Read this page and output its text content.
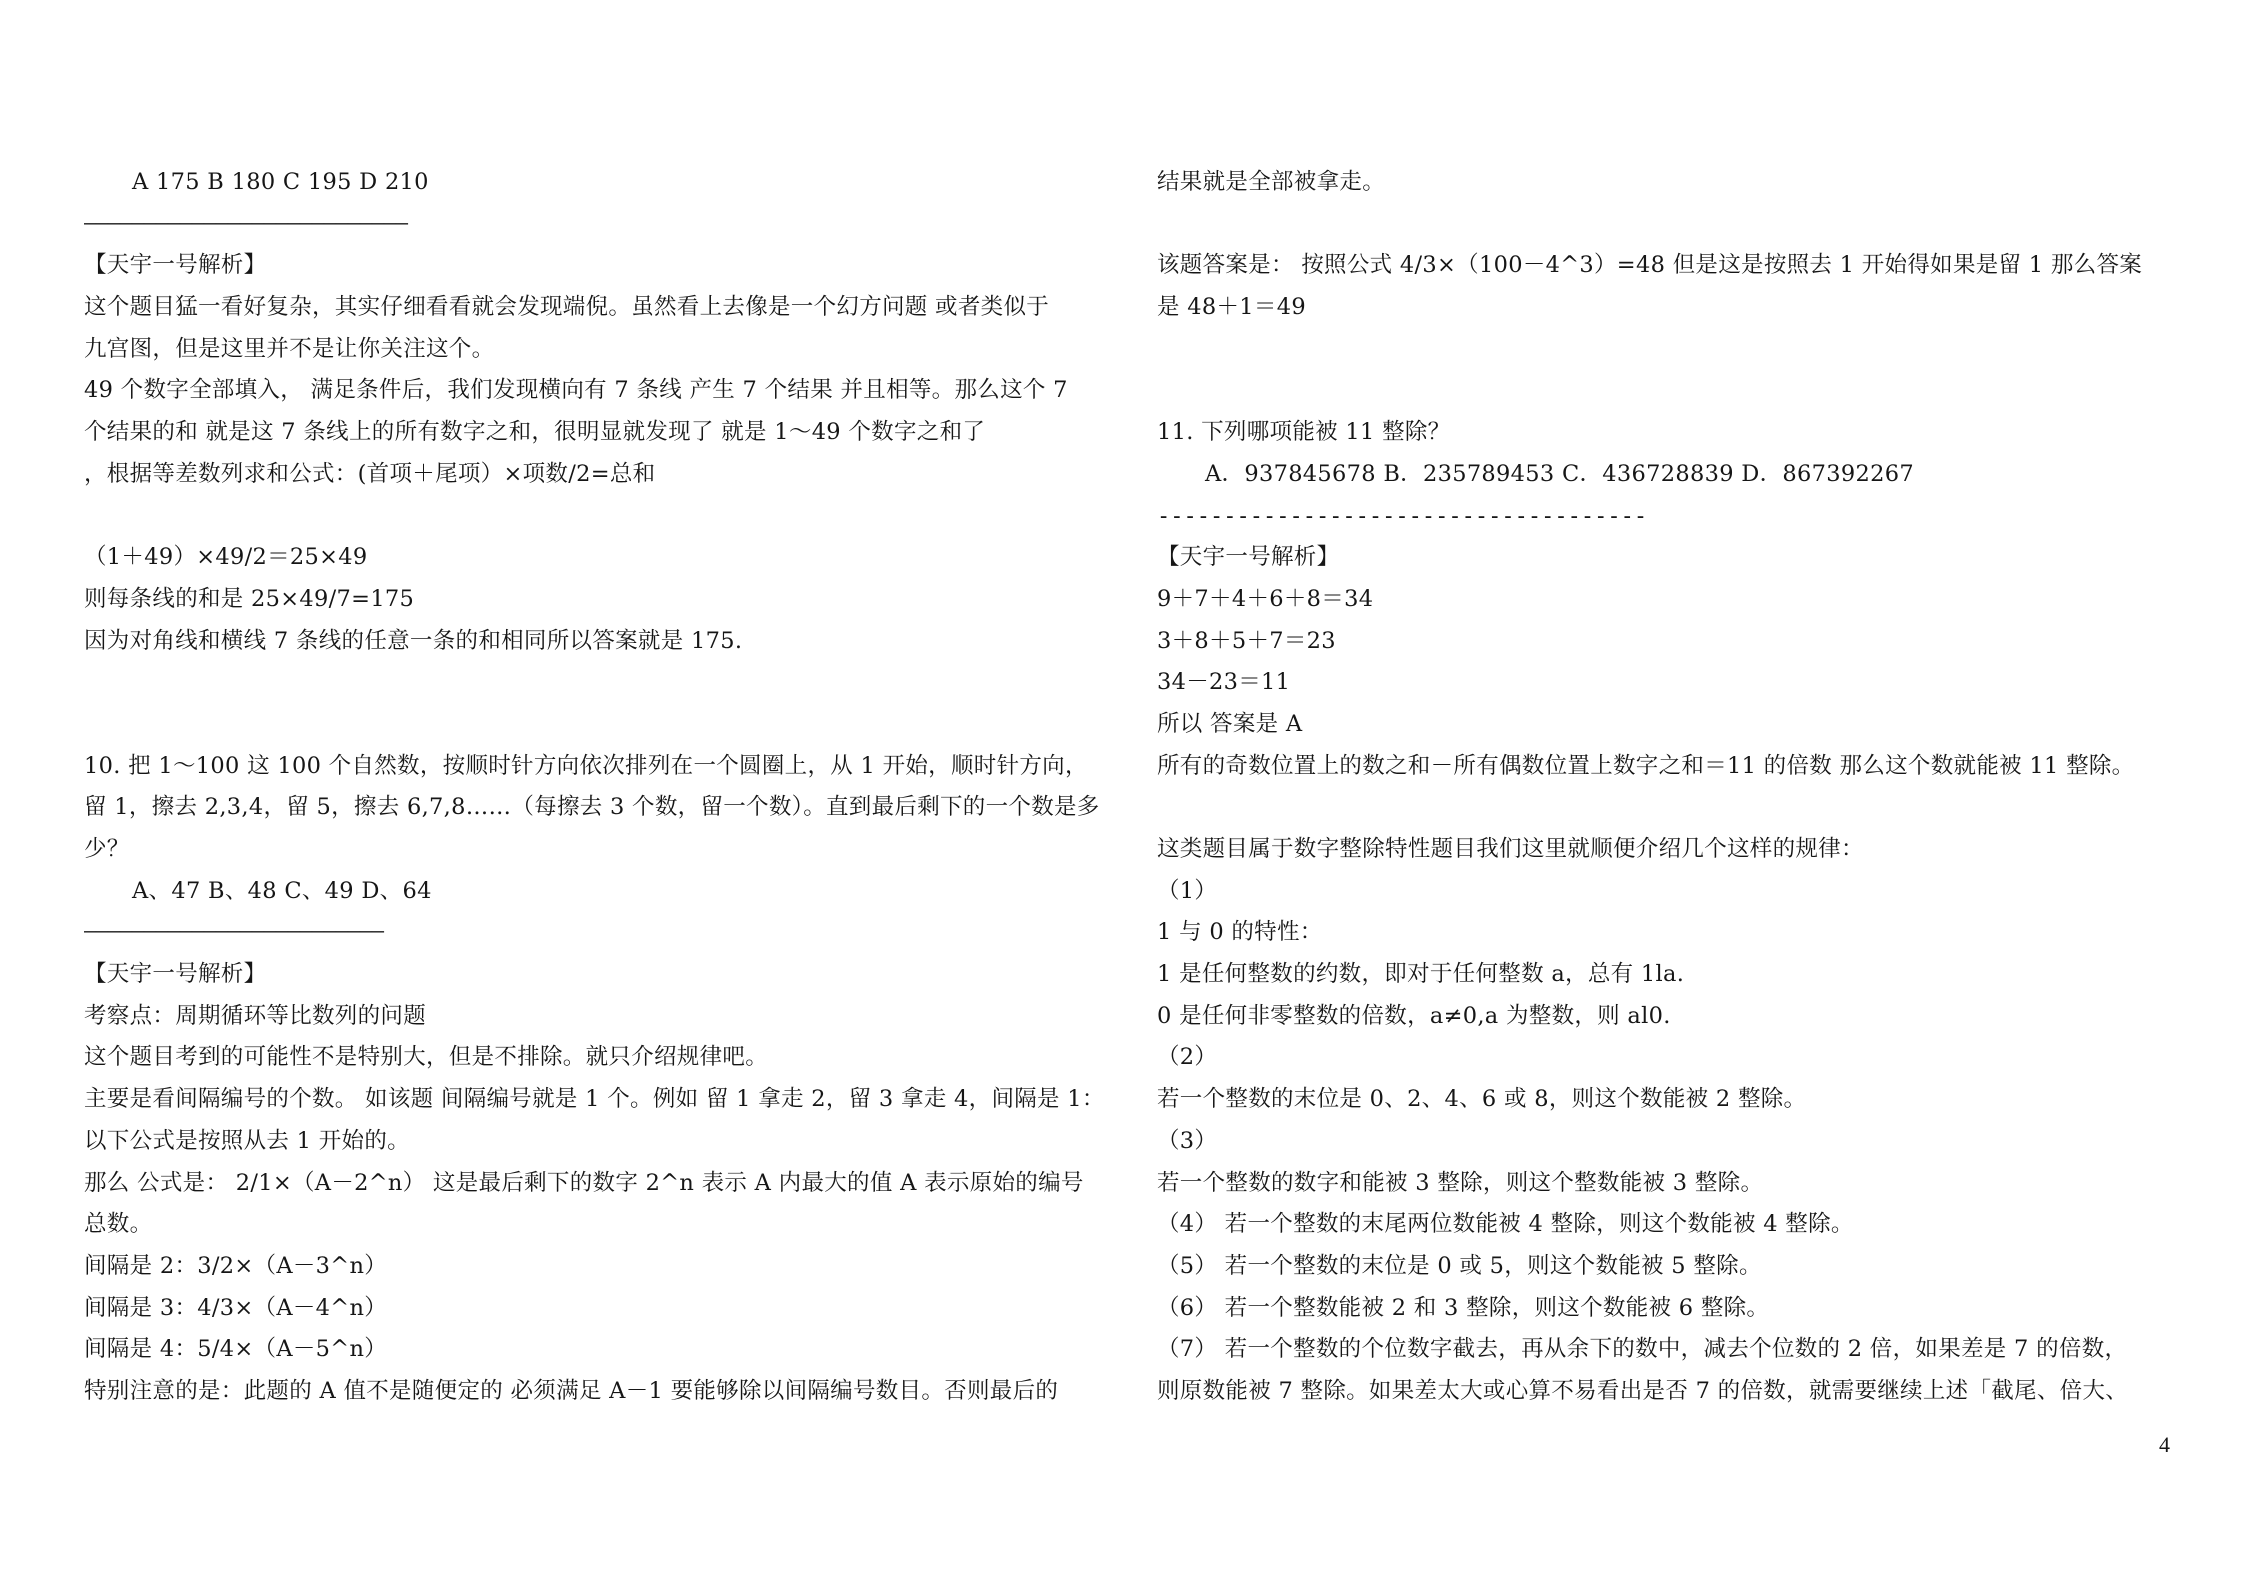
A 175 B 180 C 195 D 210
———————————————————————————
【天宇一号解析】
这个题目猛一看好复杂，其实仔细看看就会发现端倪。虽然看上去像是一个幻方问题 或者类似于
九宫图，但是这里并不是让你关注这个。
49 个数字全部填入， 满足条件后，我们发现横向有 7 条线 产生 7 个结果 并且相等。那么这个 7
个结果的和 就是这 7 条线上的所有数字之和，很明显就发现了 就是 1～49 个数字之和了
，根据等差数列求和公式：(首项＋尾项）×项数/2=总和
（1＋49）×49/2＝25×49
则每条线的和是 25×49/7=175
因为对角线和横线 7 条线的任意一条的和相同所以答案就是 175.
10. 把 1～100 这 100 个自然数，按顺时针方向依次排列在一个圆圈上，从 1 开始，顺时针方向，
留 1，擦去 2,3,4，留 5，擦去 6,7,8……（每擦去 3 个数，留一个数）。直到最后剩下的一个数是多
少？
A、47 B、48 C、49 D、64
—————————————————————————
【天宇一号解析】
考察点：周期循环等比数列的问题
这个题目考到的可能性不是特别大，但是不排除。就只介绍规律吧。
主要是看间隔编号的个数。 如该题 间隔编号就是 1 个。例如 留 1 拿走 2，留 3 拿走 4，间隔是 1：
以下公式是按照从去 1 开始的。
那么 公式是： 2/1×（A－2^n） 这是最后剩下的数字 2^n 表示 A 内最大的值 A 表示原始的编号
总数。
间隔是 2：3/2×（A－3^n）
间隔是 3：4/3×（A－4^n）
间隔是 4：5/4×（A－5^n）
特别注意的是：此题的 A 值不是随便定的 必须满足 A－1 要能够除以间隔编号数目。否则最后的
结果就是全部被拿走。
该题答案是： 按照公式 4/3×（100－4^3）=48 但是这是按照去 1 开始得如果是留 1 那么答案
是 48＋1＝49
11. 下列哪项能被 11 整除？
A．937845678 B．235789453 C．436728839 D．867392267
-------------------------------------
【天宇一号解析】
9＋7＋4＋6＋8＝34
3＋8＋5＋7＝23
34－23＝11
所以 答案是 A
所有的奇数位置上的数之和－所有偶数位置上数字之和＝11 的倍数 那么这个数就能被 11 整除。
这类题目属于数字整除特性题目我们这里就顺便介绍几个这样的规律：
（1）
1 与 0 的特性：
1 是任何整数的约数，即对于任何整数 a，总有 1la.
0 是任何非零整数的倍数，a≠0,a 为整数，则 al0.
（2）
若一个整数的末位是 0、2、4、6 或 8，则这个数能被 2 整除。
（3）
若一个整数的数字和能被 3 整除，则这个整数能被 3 整除。
（4） 若一个整数的末尾两位数能被 4 整除，则这个数能被 4 整除。
（5） 若一个整数的末位是 0 或 5，则这个数能被 5 整除。
（6） 若一个整数能被 2 和 3 整除，则这个数能被 6 整除。
（7） 若一个整数的个位数字截去，再从余下的数中，减去个位数的 2 倍，如果差是 7 的倍数，
则原数能被 7 整除。如果差太大或心算不易看出是否 7 的倍数，就需要继续上述「截尾、倍大、
4
